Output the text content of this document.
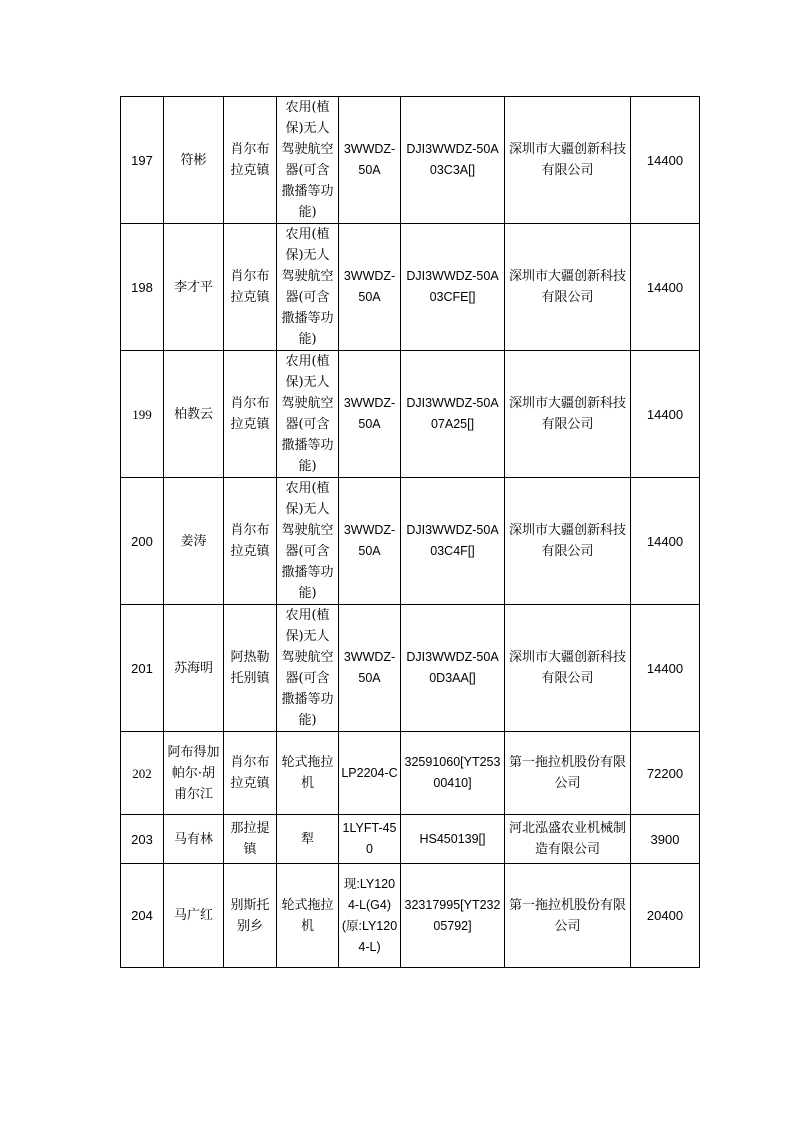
197	符彬	肖尔布拉克镇	农用(植保)无人驾驶航空器(可含撒播等功能)	3WWDZ-50A	DJI3WWDZ-50A03C3A[]	深圳市大疆创新科技有限公司	14400
198	李才平	肖尔布拉克镇	农用(植保)无人驾驶航空器(可含撒播等功能)	3WWDZ-50A	DJI3WWDZ-50A03CFE[]	深圳市大疆创新科技有限公司	14400
199	柏教云	肖尔布拉克镇	农用(植保)无人驾驶航空器(可含撒播等功能)	3WWDZ-50A	DJI3WWDZ-50A07A25[]	深圳市大疆创新科技有限公司	14400
200	姜涛	肖尔布拉克镇	农用(植保)无人驾驶航空器(可含撒播等功能)	3WWDZ-50A	DJI3WWDZ-50A03C4F[]	深圳市大疆创新科技有限公司	14400
201	苏海明	阿热勒托别镇	农用(植保)无人驾驶航空器(可含撒播等功能)	3WWDZ-50A	DJI3WWDZ-50A0D3AA[]	深圳市大疆创新科技有限公司	14400
202	阿布得加帕尔·胡甫尔江	肖尔布拉克镇	轮式拖拉机	LP2204-C	32591060[YT25300410]	第一拖拉机股份有限公司	72200
203	马有林	那拉提镇	犁	1LYFT-450	HS450139[]	河北泓盛农业机械制造有限公司	3900
204	马广红	别斯托别乡	轮式拖拉机	现:LY1204-L(G4)(原:LY1204-L)	32317995[YT23205792]	第一拖拉机股份有限公司	20400
